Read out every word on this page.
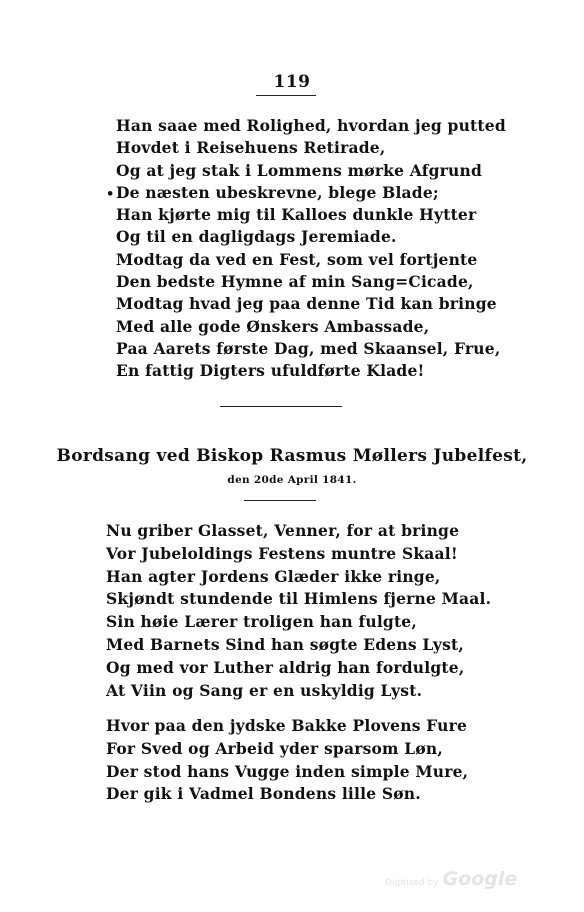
119
Han saae med Rolighed, hvordan jeg putted
Hovdet i Reisehuens Retirade,
Og at jeg stak i Lommens mørke Afgrund
•De næsten ubeskrevne, blege Blade;
Han kjørte mig til Kalloes dunkle Hytter
Og til en dagligdags Jeremiade.
Modtag da ved en Fest, som vel fortjente
Den bedste Hymne af min Sang=Cicade,
Modtag hvad jeg paa denne Tid kan bringe
Med alle gode Ønskers Ambassade,
Paa Aarets første Dag, med Skaansel, Frue,
En fattig Digters ufuldførte Klade!
Bordsang ved Biskop Rasmus Møllers Jubelfest,
den 20de April 1841.
Nu griber Glasset, Venner, for at bringe
Vor Jubeloldings Festens muntre Skaal!
Han agter Jordens Glæder ikke ringe,
Skjøndt stundende til Himlens fjerne Maal.
Sin høie Lærer troligen han fulgte,
Med Barnets Sind han søgte Edens Lyst,
Og med vor Luther aldrig han fordulgte,
At Viin og Sang er en uskyldig Lyst.
Hvor paa den jydske Bakke Plovens Fure
For Sved og Arbeid yder sparsom Løn,
Der stod hans Vugge inden simple Mure,
Der gik i Vadmel Bondens lille Søn.
Digitized by Google
